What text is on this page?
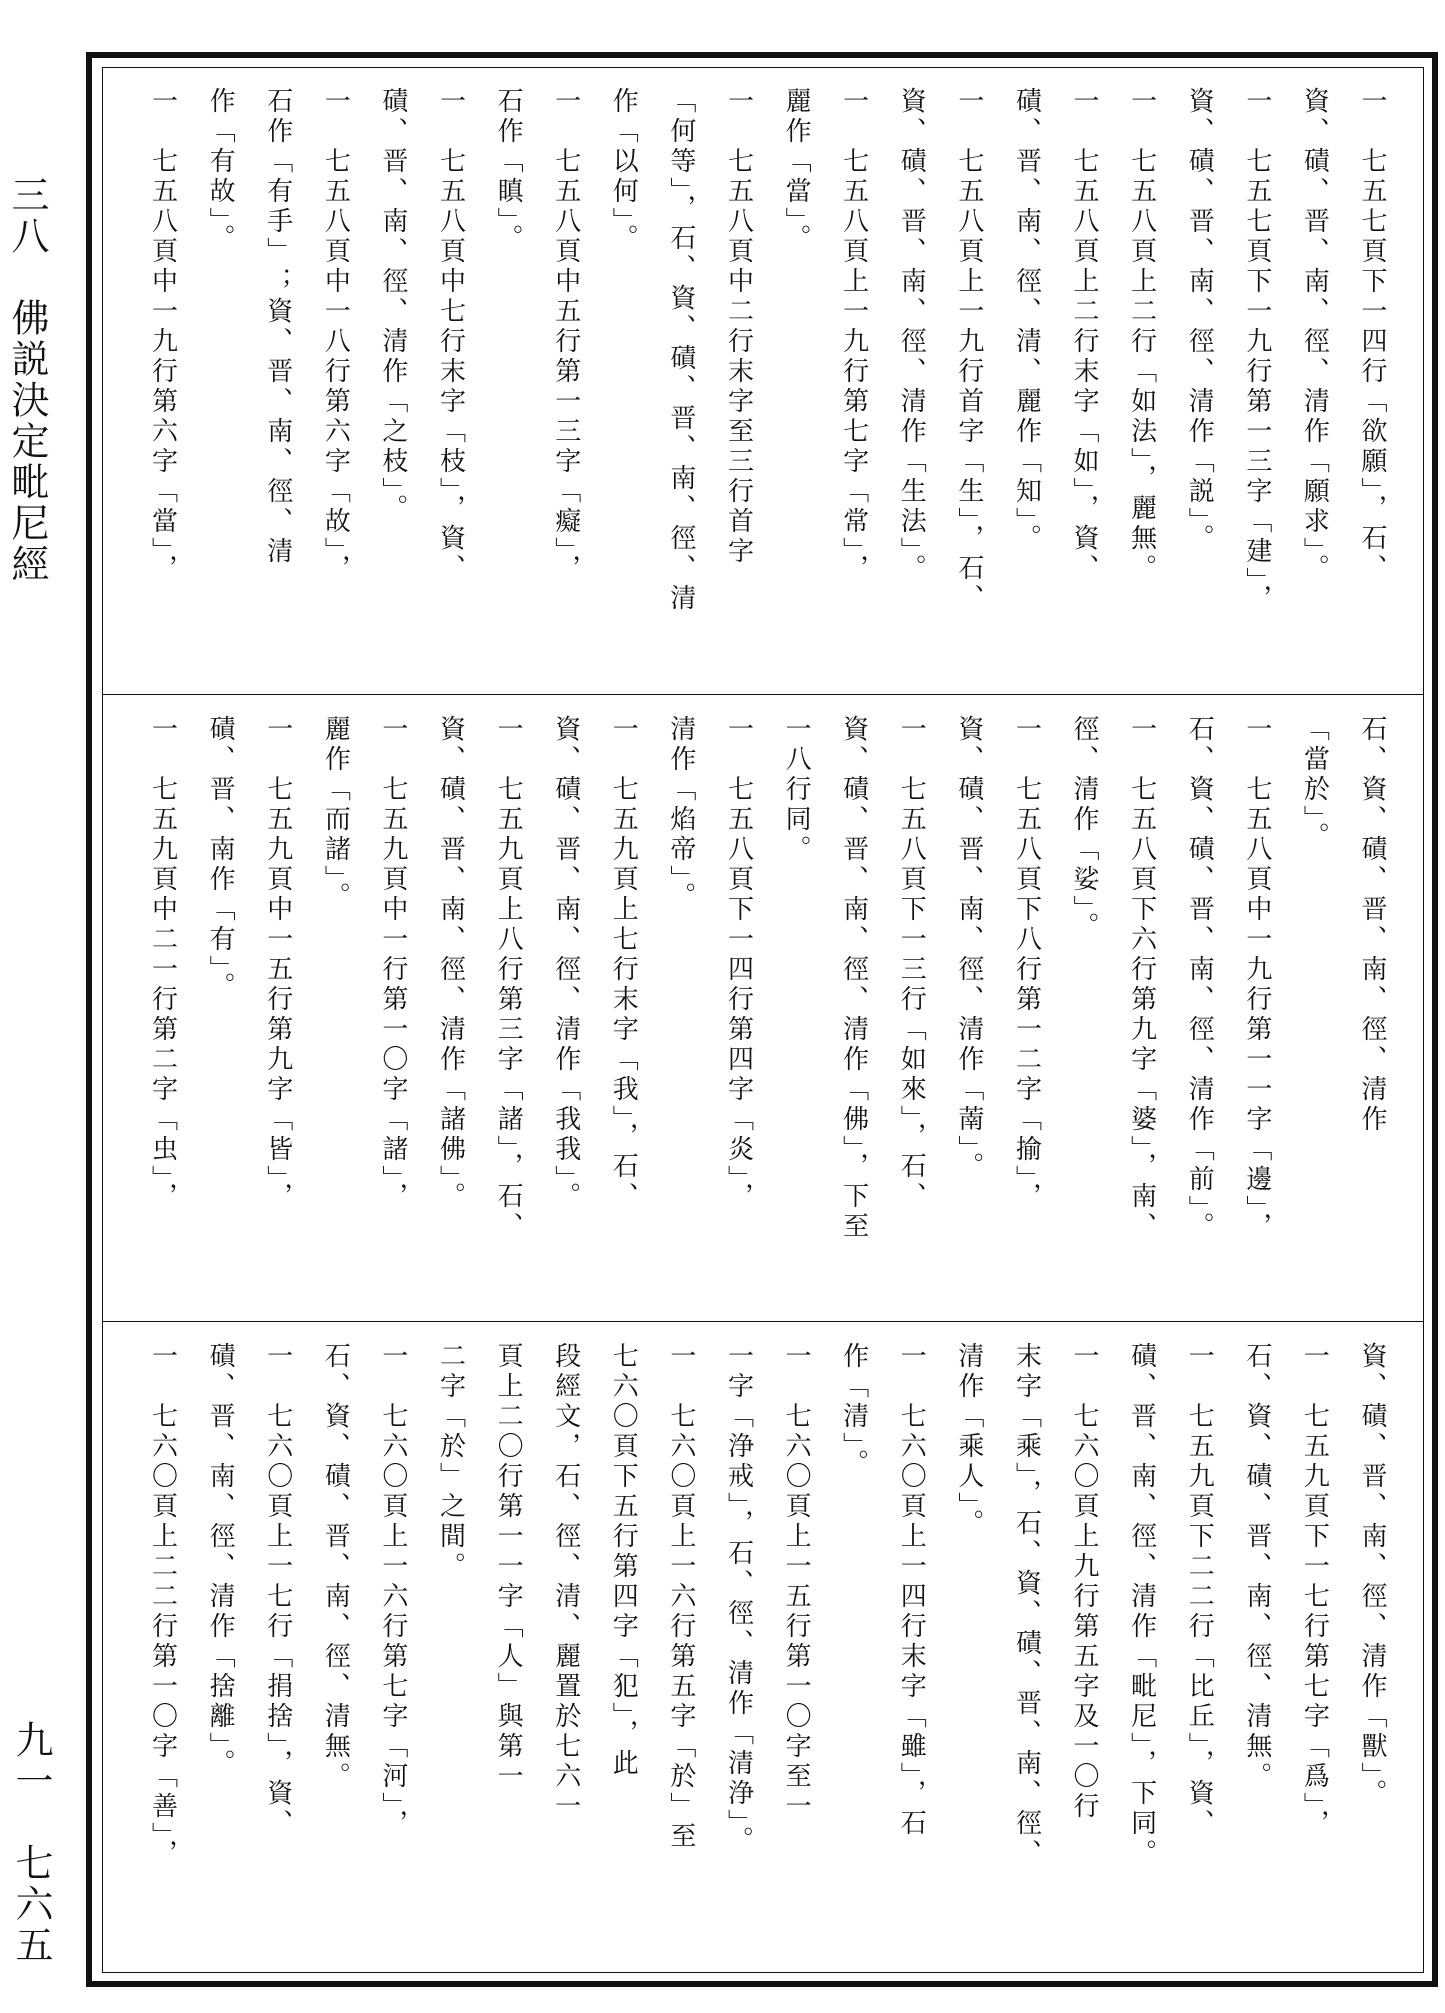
三八　佛説決定毗尼經
九一　七六五
一　七五七頁下一四行「欲願」，石、
資、磧、晋、南、徑、清作「願求」。
一　七五七頁下一九行第一三字「建」，
資、磧、晋、南、徑、清作「説」。
一　七五八頁上二行「如法」，麗無。
一　七五八頁上二行末字「如」，資、
磧、晋、南、徑、清、麗作「知」。
一　七五八頁上一九行首字「生」，石、
資、磧、晋、南、徑、清作「生法」。
一　七五八頁上一九行第七字「常」，
麗作「當」。
一　七五八頁中二行末字至三行首字
「何等」，石、資、磧、晋、南、徑、清
作「以何」。
一　七五八頁中五行第一三字「癡」，
石作「瞋」。
一　七五八頁中七行末字「枝」，資、
磧、晋、南、徑、清作「之枝」。
一　七五八頁中一八行第六字「故」，
石作「有手」；資、晋、南、徑、清
作「有故」。
一　七五八頁中一九行第六字「當」，
石、資、磧、晋、南、徑、清作
「當於」。
一　七五八頁中一九行第一一字「邊」，
石、資、磧、晋、南、徑、清作「前」。
一　七五八頁下六行第九字「婆」，南、
徑、清作「娑」。
一　七五八頁下八行第一二字「揄」，
資、磧、晋、南、徑、清作「萳」。
一　七五八頁下一三行「如來」，石、
資、磧、晋、南、徑、清作「佛」，下至
一八行同。
一　七五八頁下一四行第四字「炎」，
清作「焰帝」。
一　七五九頁上七行末字「我」，石、
資、磧、晋、南、徑、清作「我我」。
一　七五九頁上八行第三字「諸」，石、
資、磧、晋、南、徑、清作「諸佛」。
一　七五九頁中一行第一〇字「諸」，
麗作「而諸」。
一　七五九頁中一五行第九字「皆」，
磧、晋、南作「有」。
一　七五九頁中二一行第二字「虫」，
資、磧、晋、南、徑、清作「獸」。
一　七五九頁下一七行第七字「爲」，
石、資、磧、晋、南、徑、清無。
一　七五九頁下二二行「比丘」，資、
磧、晋、南、徑、清作「毗尼」，下同。
一　七六〇頁上九行第五字及一〇行
末字「乘」，石、資、磧、晋、南、徑、
清作「乘人」。
一　七六〇頁上一四行末字「雖」，石
作「清」。
一　七六〇頁上一五行第一〇字至一
一字「浄戒」，石、徑、清作「清浄」。
一　七六〇頁上一六行第五字「於」至
七六〇頁下五行第四字「犯」，此
段經文，石、徑、清、麗置於七六一
頁上二〇行第一一字「人」與第一
二字「於」之間。
一　七六〇頁上一六行第七字「河」，
石、資、磧、晋、南、徑、清無。
一　七六〇頁上一七行「捐捨」，資、
磧、晋、南、徑、清作「捨離」。
一　七六〇頁上二二行第一〇字「善」，
